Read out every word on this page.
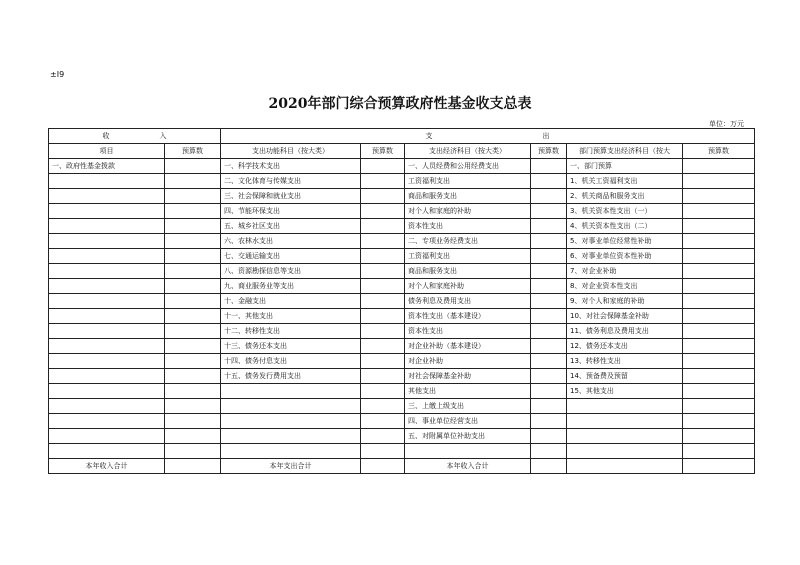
±I9
2020年部门综合预算政府性基金收支总表
单位：万元
收 入		支 出					
项目	预算数	支出功能科目（按大类）	预算数	支出经济科目（按大类）	预算数	部门预算支出经济科目（按大	预算数
一、政府性基金拨款		一、科学技术支出		一、人员经费和公用经费支出		一、部门预算	
		二、文化体育与传媒支出		工资福利支出		1、机关工资福利支出	
		三、社会保障和就业支出		商品和服务支出		2、机关商品和服务支出	
		四、节能环保支出		对个人和家庭的补助		3、机关资本性支出（一）	
		五、城乡社区支出		资本性支出		4、机关资本性支出（二）	
		六、农林水支出		二、专项业务经费支出		5、对事业单位经常性补助	
		七、交通运输支出		工资福利支出		6、对事业单位资本性补助	
		八、资源勘探信息等支出		商品和服务支出		7、对企业补助	
		九、商业服务业等支出		对个人和家庭补助		8、对企业资本性支出	
		十、金融支出		债务利息及费用支出		9、对个人和家庭的补助	
		十一、其他支出		资本性支出（基本建设）		10、对社会保障基金补助	
		十二、转移性支出		资本性支出		11、债务利息及费用支出	
		十三、债务还本支出		对企业补助（基本建设）		12、债务还本支出	
		十四、债务付息支出		对企业补助		13、转移性支出	
		十五、债务发行费用支出		对社会保障基金补助		14、预备费及预留	
				其他支出		15、其他支出	
				三、上缴上级支出			
				四、事业单位经营支出			
				五、对附属单位补助支出			

本年收入合计		本年支出合计		本年收入合计			
